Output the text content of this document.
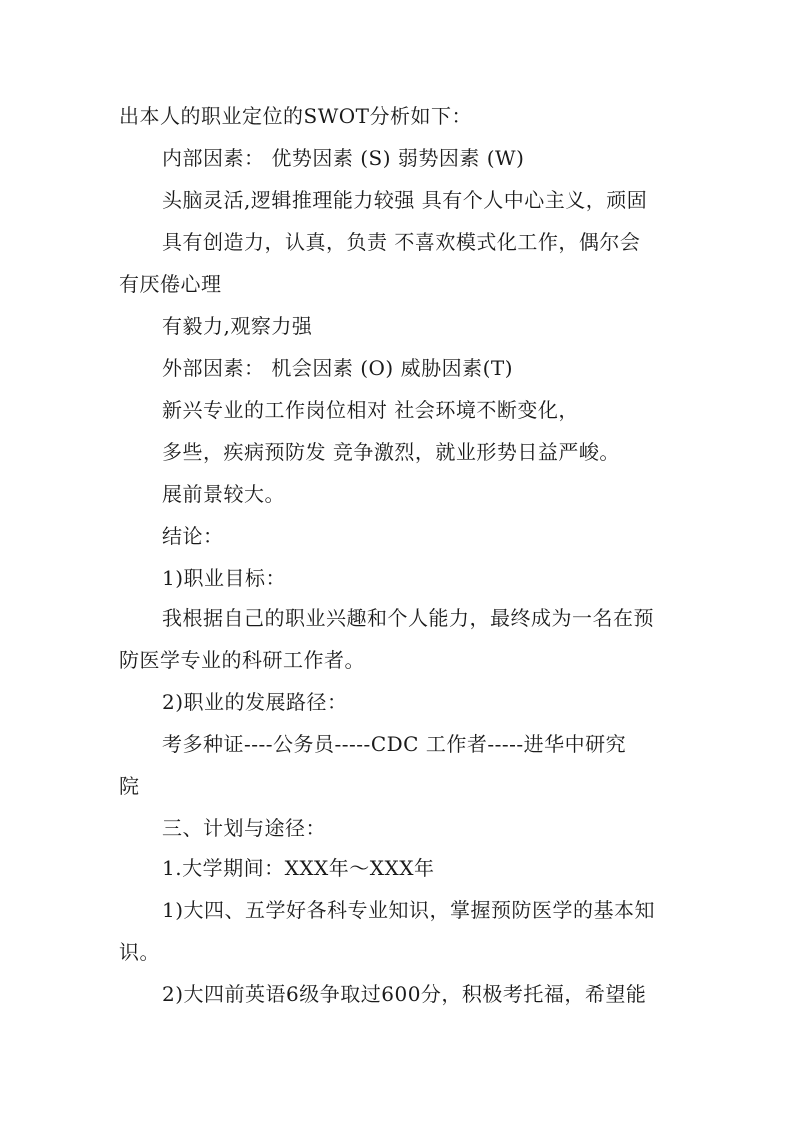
出本人的职业定位的SWOT分析如下：
内部因素： 优势因素 (S) 弱势因素 (W)
头脑灵活,逻辑推理能力较强 具有个人中心主义，顽固
具有创造力，认真，负责 不喜欢模式化工作，偶尔会
有厌倦心理
有毅力,观察力强
外部因素： 机会因素 (O) 威胁因素(T)
新兴专业的工作岗位相对 社会环境不断变化，
多些，疾病预防发 竞争激烈，就业形势日益严峻。
展前景较大。
结论：
1)职业目标：
我根据自己的职业兴趣和个人能力，最终成为一名在预
防医学专业的科研工作者。
2)职业的发展路径：
考多种证----公务员-----CDC 工作者-----进华中研究
院
三、计划与途径：
1.大学期间：XXX年～XXX年
1)大四、五学好各科专业知识，掌握预防医学的基本知
识。
2)大四前英语6级争取过600分，积极考托福，希望能
